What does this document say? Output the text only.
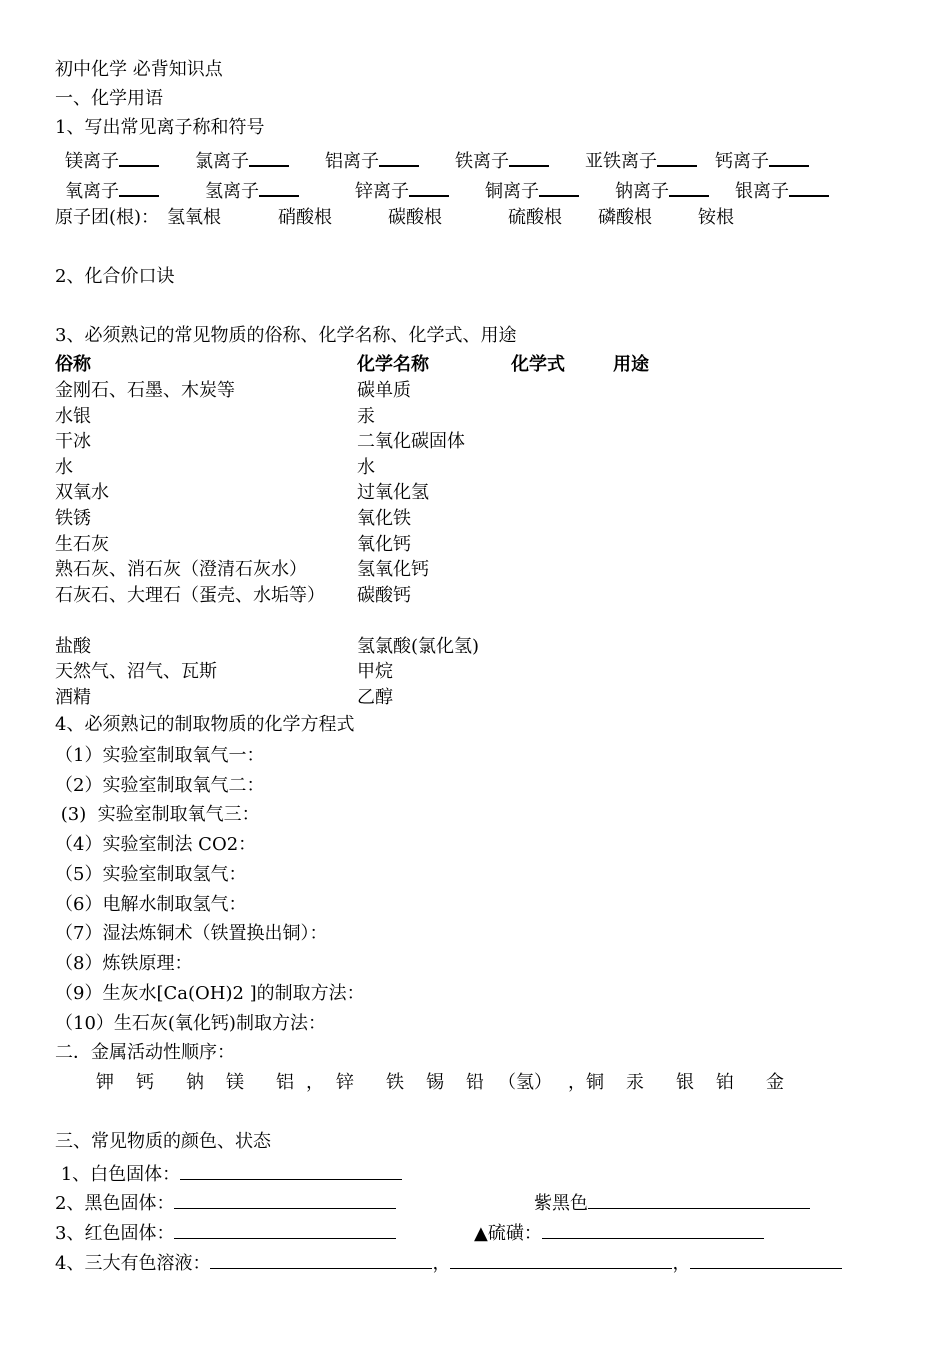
初中化学 必背知识点
一、化学用语
1、写出常见离子称和符号
镁离子	氯离子	铝离子	铁离子	亚铁离子	钙离子
氧离子	氢离子	锌离子	铜离子	钠离子	银离子
原子团(根)： 氢氧根	硝酸根	碳酸根	硫酸根 磷酸根	铵根
2、化合价口诀
3、必须熟记的常见物质的俗称、化学名称、化学式、用途
俗称	化学名称	化学式	用途
金刚石、石墨、木炭等	碳单质
水银	汞
干冰	二氧化碳固体
水	水
双氧水	过氧化氢
铁锈	氧化铁
生石灰	氧化钙
熟石灰、消石灰（澄清石灰水）	氢氧化钙
石灰石、大理石（蛋壳、水垢等） 碳酸钙
盐酸	氢氯酸(氯化氢)
天然气、沼气、瓦斯	甲烷
酒精	乙醇
4、必须熟记的制取物质的化学方程式
（1）实验室制取氧气一：
（2）实验室制取氧气二：
(3)  实验室制取氧气三：
（4）实验室制法 CO2：
（5）实验室制取氢气：
（6）电解水制取氢气：
（7）湿法炼铜术（铁置换出铜）：
（8）炼铁原理：
（9）生灰水[Ca(OH)2 ]的制取方法：
（10）生石灰(氧化钙)制取方法：
二．金属活动性顺序：
钾 钙 钠 镁 铝 ， 锌 铁 锡 铅 （氢） ，铜 汞 银 铂 金
三、常见物质的颜色、状态
1、白色固体：
2、黑色固体：	紫黑色
3、红色固体：	▲硫磺：
4、三大有色溶液：	，	，
